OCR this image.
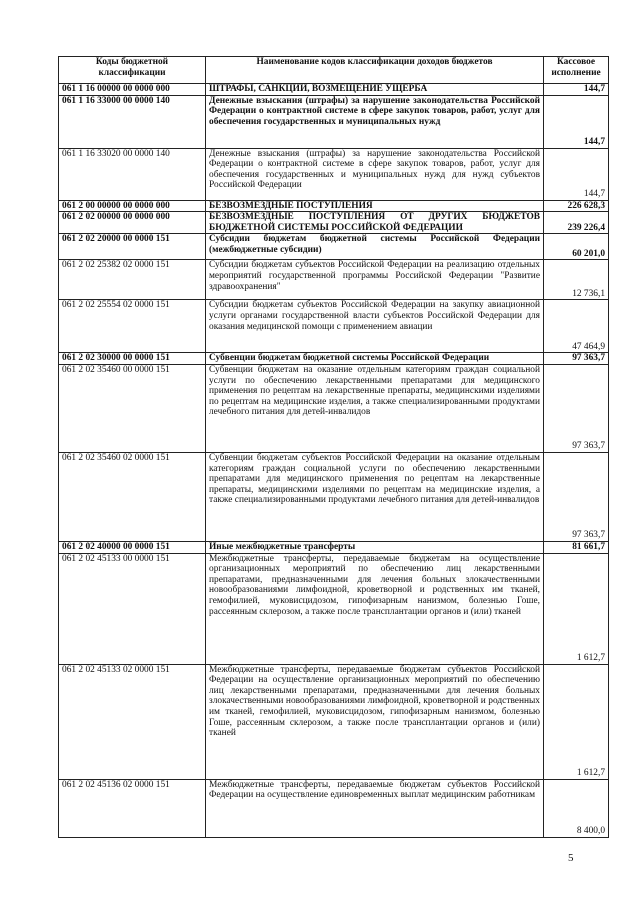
Коды бюджетной классификации	Наименование кодов классификации доходов бюджетов	Кассовое исполнение
061 1 16 00000 00 0000 000	ШТРАФЫ, САНКЦИИ, ВОЗМЕЩЕНИЕ УЩЕРБА	144,7
061 1 16 33000 00 0000 140	Денежные взыскания (штрафы) за нарушение законодательства Российской Федерации о контрактной системе в сфере закупок товаров, работ, услуг для обеспечения государственных и муниципальных нужд	144,7
061 1 16 33020 00 0000 140	Денежные взыскания (штрафы) за нарушение законодательства Российской Федерации о контрактной системе в сфере закупок товаров, работ, услуг для обеспечения государственных и муниципальных нужд для нужд субъектов Российской Федерации	144,7
061 2 00 00000 00 0000 000	БЕЗВОЗМЕЗДНЫЕ ПОСТУПЛЕНИЯ	226 628,3
061 2 02 00000 00 0000 000	БЕЗВОЗМЕЗДНЫЕ ПОСТУПЛЕНИЯ ОТ ДРУГИХ БЮДЖЕТОВ БЮДЖЕТНОЙ СИСТЕМЫ РОССИЙСКОЙ ФЕДЕРАЦИИ	239 226,4
061 2 02 20000 00 0000 151	Субсидии бюджетам бюджетной системы Российской Федерации (межбюджетные субсидии)	60 201,0
061 2 02 25382 02 0000 151	Субсидии бюджетам субъектов Российской Федерации на реализацию отдельных мероприятий государственной программы Российской Федерации "Развитие здравоохранения"	12 736,1
061 2 02 25554 02 0000 151	Субсидии бюджетам субъектов Российской Федерации на закупку авиационной услуги органами государственной власти субъектов Российской Федерации для оказания медицинской помощи с применением авиации	47 464,9
061 2 02 30000 00 0000 151	Субвенции бюджетам бюджетной системы Российской Федерации	97 363,7
061 2 02 35460 00 0000 151	Субвенции бюджетам на оказание отдельным категориям граждан социальной услуги по обеспечению лекарственными препаратами для медицинского применения по рецептам на лекарственные препараты, медицинскими изделиями по рецептам на медицинские изделия, а также специализированными продуктами лечебного питания для детей-инвалидов	97 363,7
061 2 02 35460 02 0000 151	Субвенции бюджетам субъектов Российской Федерации на оказание отдельным категориям граждан социальной услуги по обеспечению лекарственными препаратами для медицинского применения по рецептам на лекарственные препараты, медицинскими изделиями по рецептам на медицинские изделия, а также специализированными продуктами лечебного питания для детей-инвалидов	97 363,7
061 2 02 40000 00 0000 151	Иные межбюджетные трансферты	81 661,7
061 2 02 45133 00 0000 151	Межбюджетные трансферты, передаваемые бюджетам на осуществление организационных мероприятий по обеспечению лиц лекарственными препаратами, предназначенными для лечения больных злокачественными новообразованиями лимфоидной, кроветворной и родственных им тканей, гемофилией, муковисцидозом, гипофизарным нанизмом, болезнью Гоше, рассеянным склерозом, а также после трансплантации органов и (или) тканей	1 612,7
061 2 02 45133 02 0000 151	Межбюджетные трансферты, передаваемые бюджетам субъектов Российской Федерации на осуществление организационных мероприятий по обеспечению лиц лекарственными препаратами, предназначенными для лечения больных злокачественными новообразованиями лимфоидной, кроветворной и родственных им тканей, гемофилией, муковисцидозом, гипофизарным нанизмом, болезнью Гоше, рассеянным склерозом, а также после трансплантации органов и (или) тканей	1 612,7
061 2 02 45136 02 0000 151	Межбюджетные трансферты, передаваемые бюджетам субъектов Российской Федерации на осуществление единовременных выплат медицинским работникам	8 400,0
5
